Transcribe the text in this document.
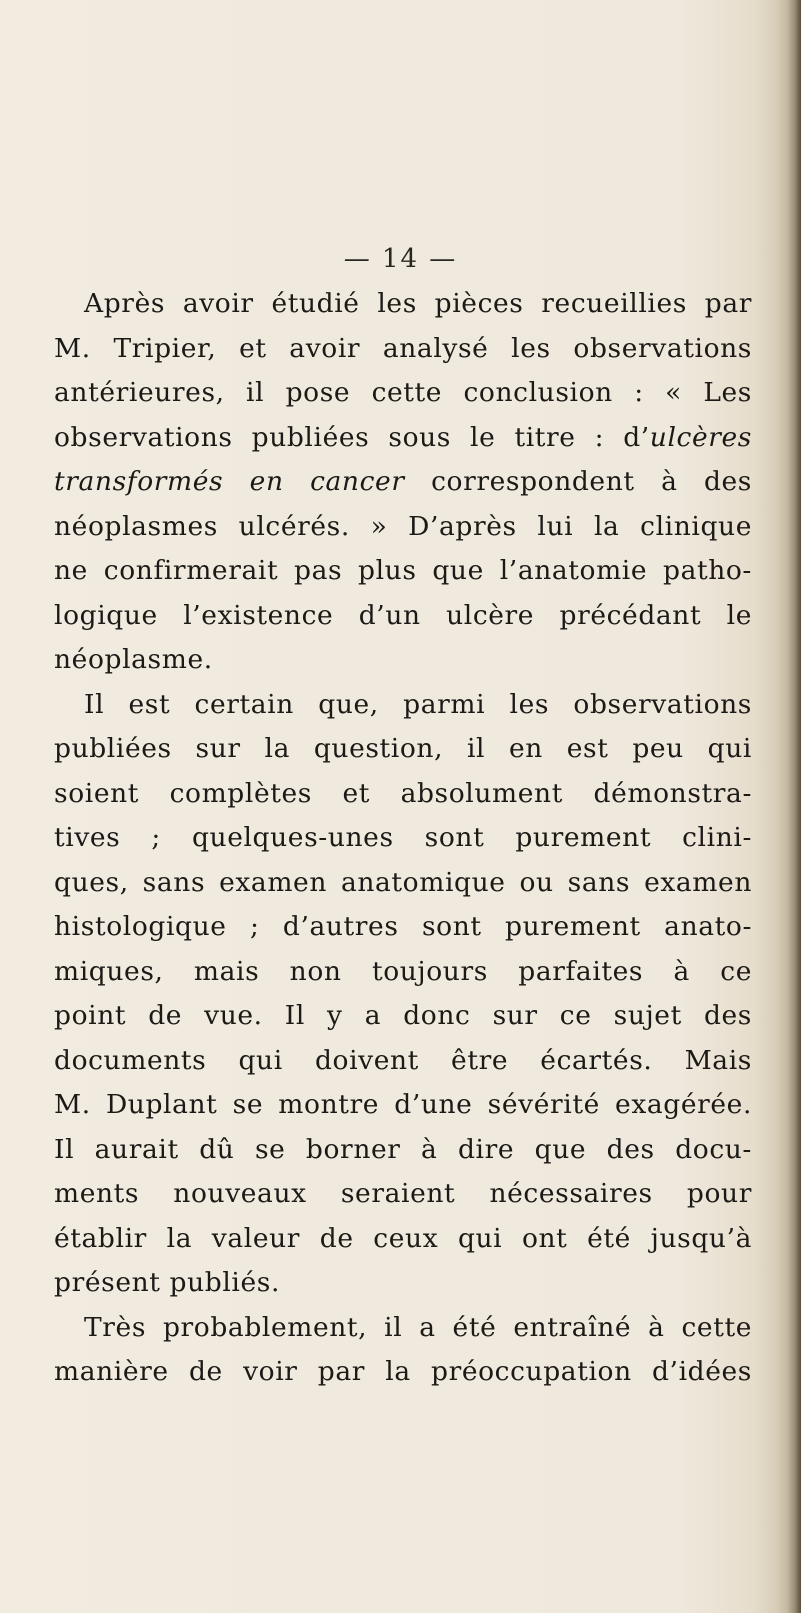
— 14 —
Après avoir étudié les pièces recueillies par
M. Tripier, et avoir analysé les observations
antérieures, il pose cette conclusion : « Les
observations publiées sous le titre : d’ulcères
transformés en cancer correspondent à des
néoplasmes ulcérés. » D’après lui la clinique
ne confirmerait pas plus que l’anatomie patho-
logique l’existence d’un ulcère précédant le
néoplasme.
Il est certain que, parmi les observations
publiées sur la question, il en est peu qui
soient complètes et absolument démonstra-
tives ; quelques-unes sont purement clini-
ques, sans examen anatomique ou sans examen
histologique ; d’autres sont purement anato-
miques, mais non toujours parfaites à ce
point de vue. Il y a donc sur ce sujet des
documents qui doivent être écartés. Mais
M. Duplant se montre d’une sévérité exagérée.
Il aurait dû se borner à dire que des docu-
ments nouveaux seraient nécessaires pour
établir la valeur de ceux qui ont été jusqu’à
présent publiés.
Très probablement, il a été entraîné à cette
manière de voir par la préoccupation d’idées
